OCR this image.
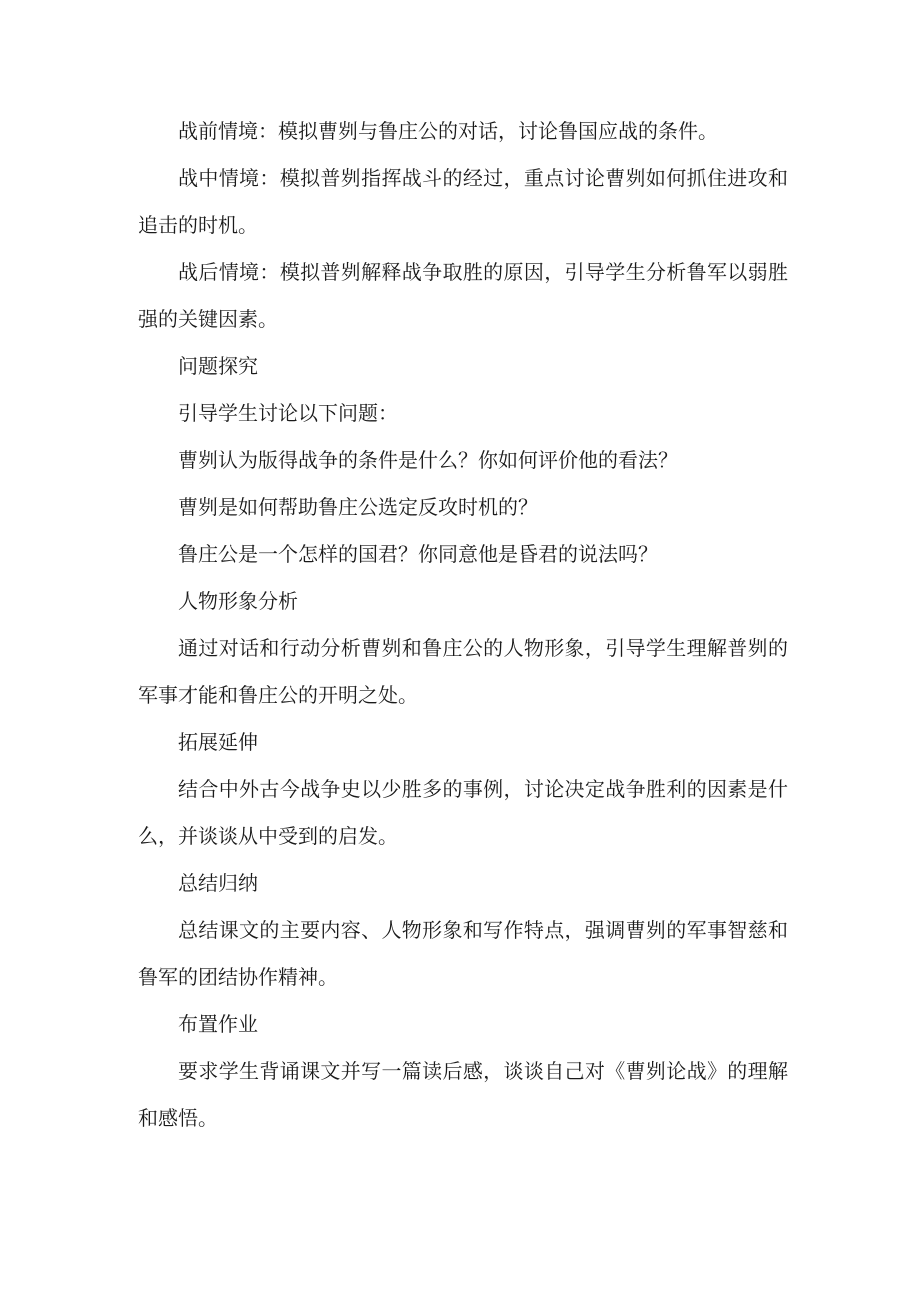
战前情境：模拟曹刿与鲁庄公的对话，讨论鲁国应战的条件。

战中情境：模拟普刿指挥战斗的经过，重点讨论曹刿如何抓住进攻和追击的时机。

战后情境：模拟普刿解释战争取胜的原因，引导学生分析鲁军以弱胜强的关键因素。

问题探究

引导学生讨论以下问题：

曹刿认为版得战争的条件是什么？你如何评价他的看法？

曹刿是如何帮助鲁庄公选定反攻时机的？

鲁庄公是一个怎样的国君？你同意他是昏君的说法吗？

人物形象分析

通过对话和行动分析曹刿和鲁庄公的人物形象，引导学生理解普刿的军事才能和鲁庄公的开明之处。

拓展延伸

结合中外古今战争史以少胜多的事例，讨论决定战争胜利的因素是什么，并谈谈从中受到的启发。

总结归纳

总结课文的主要内容、人物形象和写作特点，强调曹刿的军事智慈和鲁军的团结协作精神。

布置作业

要求学生背诵课文并写一篇读后感，谈谈自己对《曹刿论战》的理解和感悟。
